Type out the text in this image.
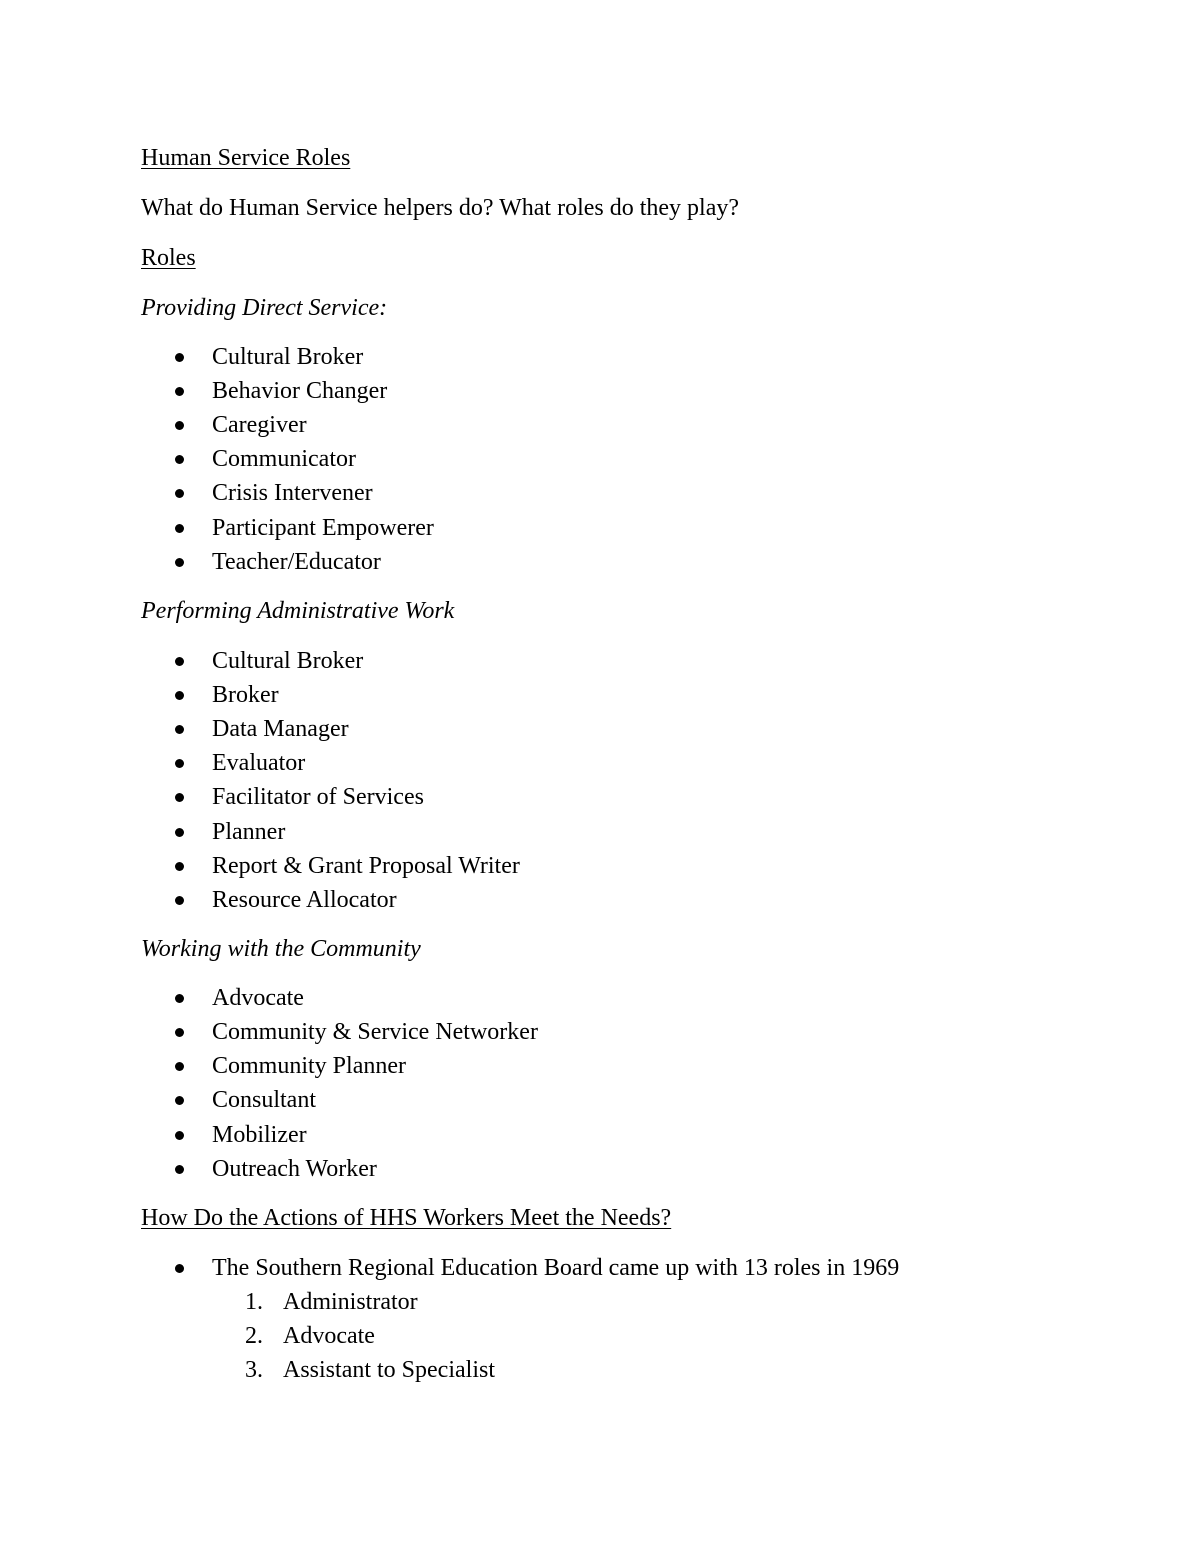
Human Service Roles
What do Human Service helpers do? What roles do they play?
Roles
Providing Direct Service:
Cultural Broker
Behavior Changer
Caregiver
Communicator
Crisis Intervener
Participant Empowerer
Teacher/Educator
Performing Administrative Work
Cultural Broker
Broker
Data Manager
Evaluator
Facilitator of Services
Planner
Report & Grant Proposal Writer
Resource Allocator
Working with the Community
Advocate
Community & Service Networker
Community Planner
Consultant
Mobilizer
Outreach Worker
How Do the Actions of HHS Workers Meet the Needs?
The Southern Regional Education Board came up with 13 roles in 1969
1. Administrator
2. Advocate
3. Assistant to Specialist
